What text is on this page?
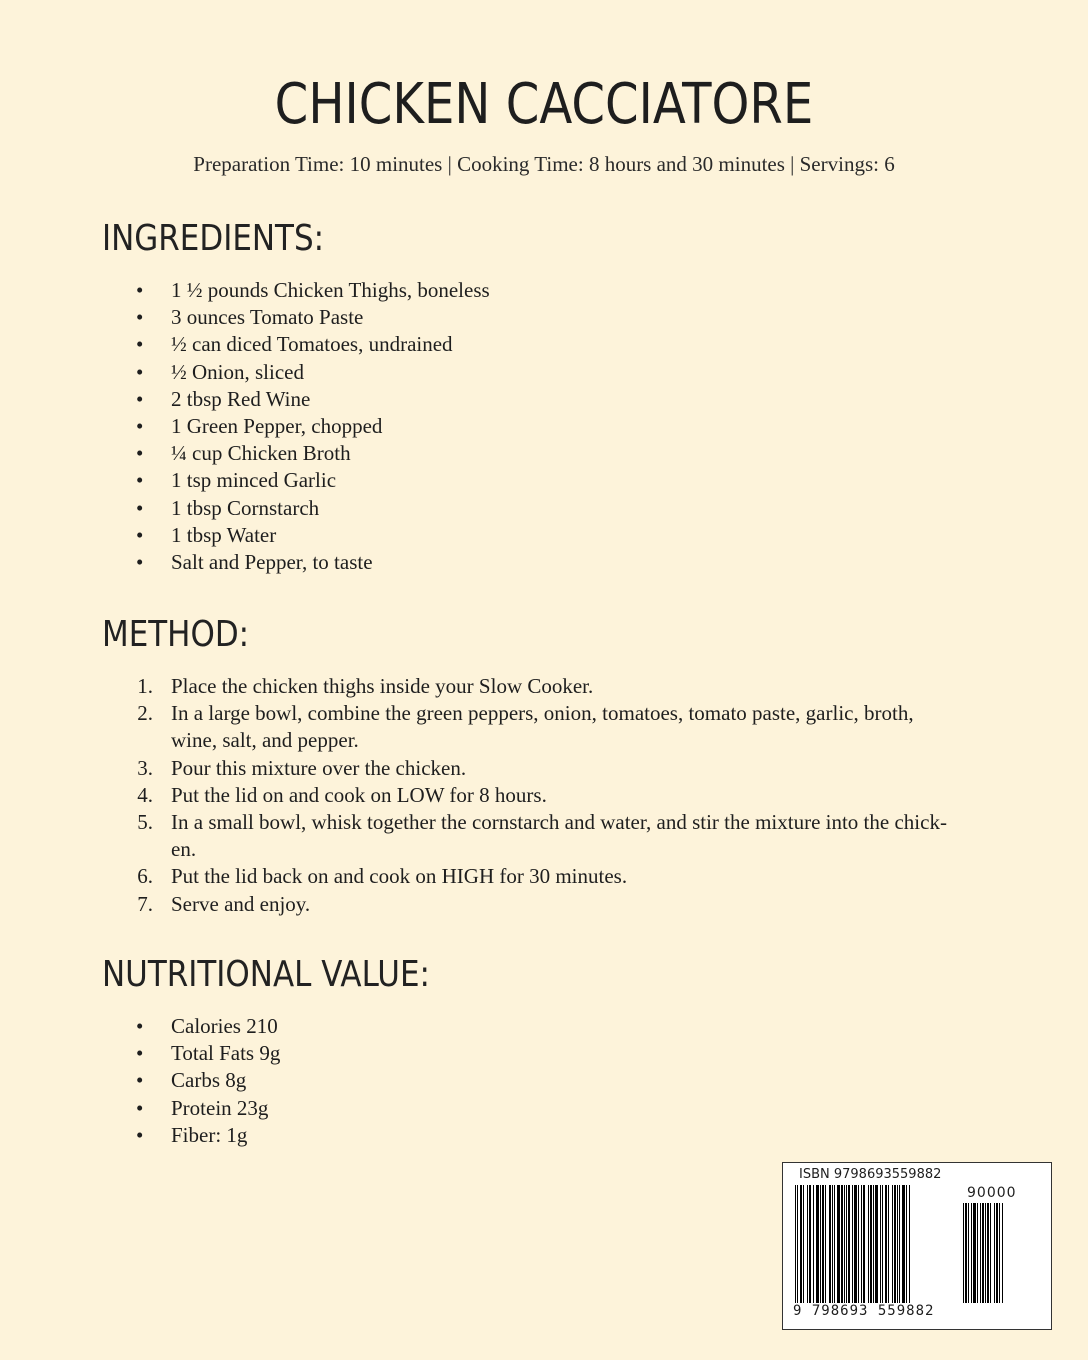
CHICKEN CACCIATORE
Preparation Time: 10 minutes | Cooking Time: 8 hours and 30 minutes | Servings: 6
INGREDIENTS:
•	1 ½ pounds Chicken Thighs, boneless
•	3 ounces Tomato Paste
•	½ can diced Tomatoes, undrained
•	½ Onion, sliced
•	2 tbsp Red Wine
•	1 Green Pepper, chopped
•	¼ cup Chicken Broth
•	1 tsp minced Garlic
•	1 tbsp Cornstarch
•	1 tbsp Water
•	Salt and Pepper, to taste
METHOD:
1. Place the chicken thighs inside your Slow Cooker.
2. In a large bowl, combine the green peppers, onion, tomatoes, tomato paste, garlic, broth, wine, salt, and pepper.
3. Pour this mixture over the chicken.
4. Put the lid on and cook on LOW for 8 hours.
5. In a small bowl, whisk together the cornstarch and water, and stir the mixture into the chick-en.
6. Put the lid back on and cook on HIGH for 30 minutes.
7. Serve and enjoy.
NUTRITIONAL VALUE:
•	Calories 210
•	Total Fats 9g
•	Carbs 8g
•	Protein 23g
•	Fiber: 1g
ISBN 9798693559882
90000
9 798693 559882
